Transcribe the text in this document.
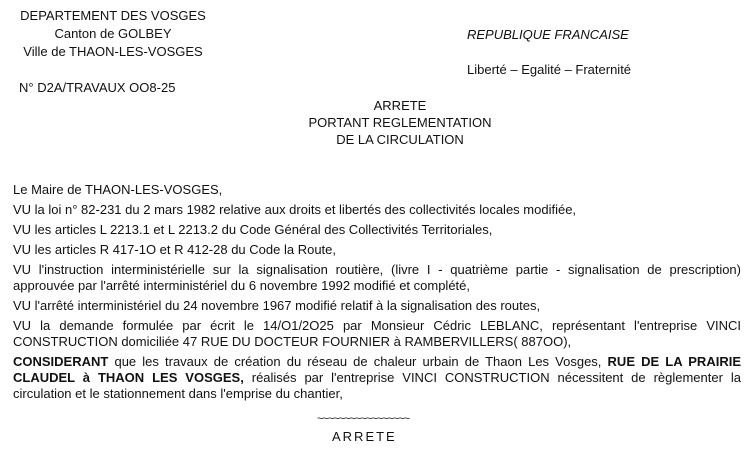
DEPARTEMENT DES VOSGES
Canton de GOLBEY
Ville de THAON-LES-VOSGES
N° D2A/TRAVAUX OO8-25
REPUBLIQUE FRANCAISE
Liberté – Egalité – Fraternité
ARRETE
PORTANT REGLEMENTATION
DE LA CIRCULATION
Le Maire de THAON-LES-VOSGES,
VU la loi n° 82-231 du 2 mars 1982 relative aux droits et libertés des collectivités locales modifiée,
VU les articles L 2213.1 et L 2213.2 du Code Général des Collectivités Territoriales,
VU les articles R 417-1O et R 412-28 du Code la Route,
VU l'instruction interministérielle sur la signalisation routière, (livre I - quatrième partie - signalisation de prescription) approuvée par l'arrêté interministériel du 6 novembre 1992 modifié et complété,
VU l'arrêté interministériel du 24 novembre 1967 modifié relatif à la signalisation des routes,
VU la demande formulée par écrit le 14/O1/2O25 par Monsieur Cédric LEBLANC, représentant l'entreprise VINCI CONSTRUCTION domiciliée 47 RUE DU DOCTEUR FOURNIER à RAMBERVILLERS( 887OO),
CONSIDERANT que les travaux de création du réseau de chaleur urbain de Thaon Les Vosges, RUE DE LA PRAIRIE CLAUDEL à THAON LES VOSGES, réalisés par l'entreprise VINCI CONSTRUCTION nécessitent de règlementer la circulation et le stationnement dans l'emprise du chantier,
~~~~~~~~~~~~~~~~~
ARRETE
